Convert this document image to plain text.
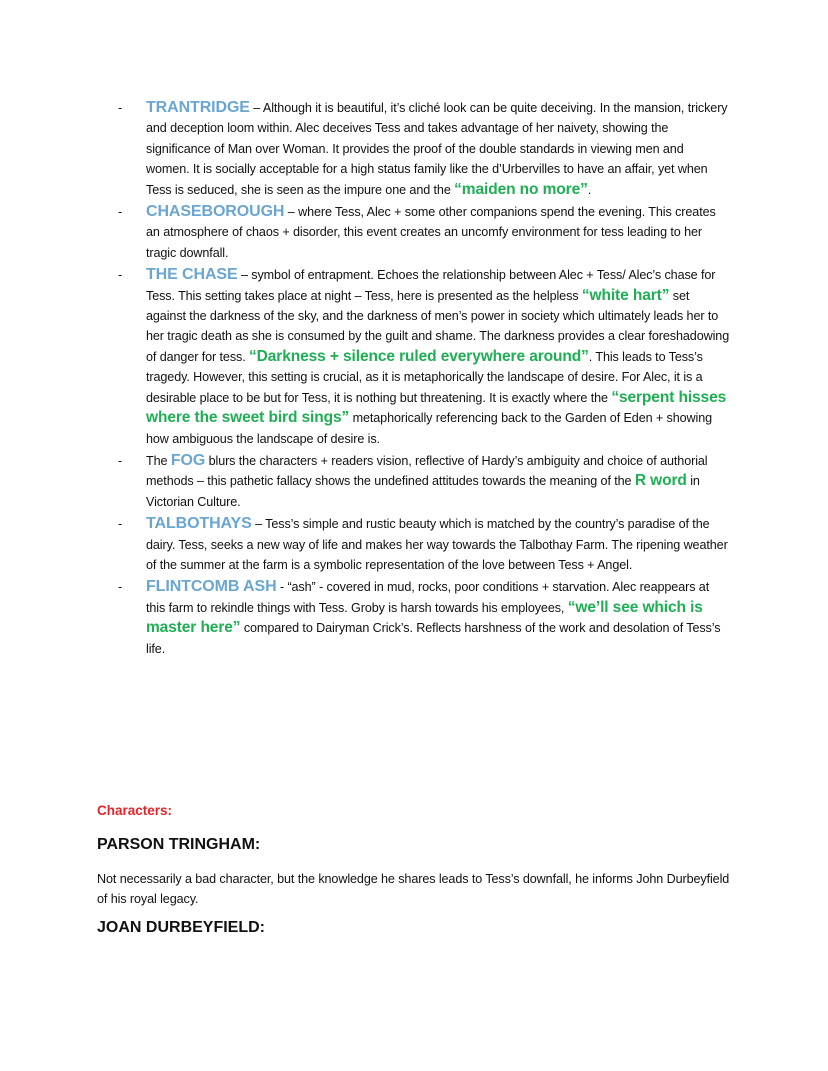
- TRANTRIDGE – Although it is beautiful, it’s cliché look can be quite deceiving. In the mansion, trickery and deception loom within. Alec deceives Tess and takes advantage of her naivety, showing the significance of Man over Woman. It provides the proof of the double standards in viewing men and women. It is socially acceptable for a high status family like the d’Urbervilles to have an affair, yet when Tess is seduced, she is seen as the impure one and the “maiden no more”.
- CHASEBOROUGH – where Tess, Alec + some other companions spend the evening. This creates an atmosphere of chaos + disorder, this event creates an uncomfy environment for tess leading to her tragic downfall.
- THE CHASE – symbol of entrapment. Echoes the relationship between Alec + Tess/ Alec’s chase for Tess. This setting takes place at night – Tess, here is presented as the helpless “white hart” set against the darkness of the sky, and the darkness of men’s power in society which ultimately leads her to her tragic death as she is consumed by the guilt and shame. The darkness provides a clear foreshadowing of danger for tess. “Darkness + silence ruled everywhere around”. This leads to Tess’s tragedy. However, this setting is crucial, as it is metaphorically the landscape of desire. For Alec, it is a desirable place to be but for Tess, it is nothing but threatening. It is exactly where the “serpent hisses where the sweet bird sings” metaphorically referencing back to the Garden of Eden + showing how ambiguous the landscape of desire is.
- The FOG blurs the characters + readers vision, reflective of Hardy’s ambiguity and choice of authorial methods – this pathetic fallacy shows the undefined attitudes towards the meaning of the R word in Victorian Culture.
- TALBOTHAYS – Tess’s simple and rustic beauty which is matched by the country’s paradise of the dairy. Tess, seeks a new way of life and makes her way towards the Talbothay Farm. The ripening weather of the summer at the farm is a symbolic representation of the love between Tess + Angel.
- FLINTCOMB ASH - “ash” - covered in mud, rocks, poor conditions + starvation. Alec reappears at this farm to rekindle things with Tess. Groby is harsh towards his employees, “we’ll see which is master here” compared to Dairyman Crick’s. Reflects harshness of the work and desolation of Tess’s life.

Characters:

PARSON TRINGHAM:

Not necessarily a bad character, but the knowledge he shares leads to Tess’s downfall, he informs John Durbeyfield of his royal legacy.

JOAN DURBEYFIELD:
